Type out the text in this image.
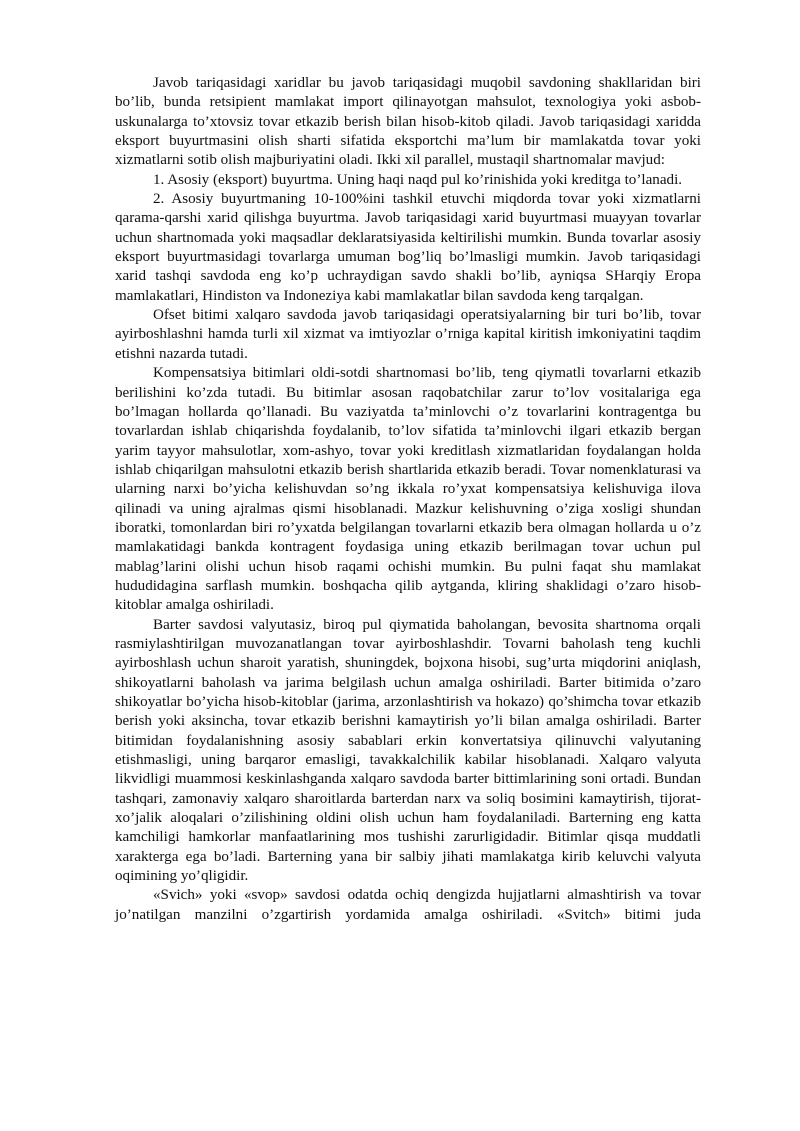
Javob tariqasidagi xaridlar bu javob tariqasidagi muqobil savdoning shakllaridan biri bo’lib, bunda retsipient mamlakat import qilinayotgan mahsulot, texnologiya yoki asbob-uskunalarga to’xtovsiz tovar etkazib berish bilan hisob-kitob qiladi. Javob tariqasidagi xaridda eksport buyurtmasini olish sharti sifatida eksportchi ma’lum bir mamlakatda tovar yoki xizmatlarni sotib olish majburiyatini oladi. Ikki xil parallel, mustaqil shartnomalar mavjud:

1. Asosiy (eksport) buyurtma. Uning haqi naqd pul ko’rinishida yoki kreditga to’lanadi.

2. Asosiy buyurtmaning 10-100%ini tashkil etuvchi miqdorda tovar yoki xizmatlarni qarama-qarshi xarid qilishga buyurtma. Javob tariqasidagi xarid buyurtmasi muayyan tovarlar uchun shartnomada yoki maqsadlar deklaratsiyasida keltirilishi mumkin. Bunda tovarlar asosiy eksport buyurtmasidagi tovarlarga umuman bog’liq bo’lmasligi mumkin. Javob tariqasidagi xarid tashqi savdoda eng ko’p uchraydigan savdo shakli bo’lib, ayniqsa SHarqiy Eropa mamlakatlari, Hindiston va Indoneziya kabi mamlakatlar bilan savdoda keng tarqalgan.

Ofset bitimi xalqaro savdoda javob tariqasidagi operatsiyalarning bir turi bo’lib, tovar ayirboshlashni hamda turli xil xizmat va imtiyozlar o’rniga kapital kiritish imkoniyatini taqdim etishni nazarda tutadi.

Kompensatsiya bitimlari oldi-sotdi shartnomasi bo’lib, teng qiymatli tovarlarni etkazib berilishini ko’zda tutadi. Bu bitimlar asosan raqobatchilar zarur to’lov vositalariga ega bo’lmagan hollarda qo’llanadi. Bu vaziyatda ta’minlovchi o’z tovarlarini kontragentga bu tovarlardan ishlab chiqarishda foydalanib, to’lov sifatida ta’minlovchi ilgari etkazib bergan yarim tayyor mahsulotlar, xom-ashyo, tovar yoki kreditlash xizmatlaridan foydalangan holda ishlab chiqarilgan mahsulotni etkazib berish shartlarida etkazib beradi. Tovar nomenklaturasi va ularning narxi bo’yicha kelishuvdan so’ng ikkala ro’yxat kompensatsiya kelishuviga ilova qilinadi va uning ajralmas qismi hisoblanadi. Mazkur kelishuvning o’ziga xosligi shundan iboratki, tomonlardan biri ro’yxatda belgilangan tovarlarni etkazib bera olmagan hollarda u o’z mamlakatidagi bankda kontragent foydasiga uning etkazib berilmagan tovar uchun pul mablag’larini olishi uchun hisob raqami ochishi mumkin. Bu pulni faqat shu mamlakat hududidagina sarflash mumkin. boshqacha qilib aytganda, kliring shaklidagi o’zaro hisob-kitoblar amalga oshiriladi.

Barter savdosi valyutasiz, biroq pul qiymatida baholangan, bevosita shartnoma orqali rasmiylashtirilgan muvozanatlangan tovar ayirboshlashdir. Tovarni baholash teng kuchli ayirboshlash uchun sharoit yaratish, shuningdek, bojxona hisobi, sug’urta miqdorini aniqlash, shikoyatlarni baholash va jarima belgilash uchun amalga oshiriladi. Barter bitimida o’zaro shikoyatlar bo’yicha hisob-kitoblar (jarima, arzonlashtirish va hokazo) qo’shimcha tovar etkazib berish yoki aksincha, tovar etkazib berishni kamaytirish yo’li bilan amalga oshiriladi. Barter bitimidan foydalanishning asosiy sabablari erkin konvertatsiya qilinuvchi valyutaning etishmasligi, uning barqaror emasligi, tavakkalchilik kabilar hisoblanadi. Xalqaro valyuta likvidligi muammosi keskinlashganda xalqaro savdoda barter bittimlarining soni ortadi. Bundan tashqari, zamonaviy xalqaro sharoitlarda barterdan narx va soliq bosimini kamaytirish, tijorat-xo’jalik aloqalari o’zilishining oldini olish uchun ham foydalaniladi. Barterning eng katta kamchiligi hamkorlar manfaatlarining mos tushishi zarurligidadir. Bitimlar qisqa muddatli xarakterga ega bo’ladi. Barterning yana bir salbiy jihati mamlakatga kirib keluvchi valyuta oqimining yo’qligidir.

«Svich» yoki «svop» savdosi odatda ochiq dengizda hujjatlarni almashtirish va tovar jo’natilgan manzilni o’zgartirish yordamida amalga oshiriladi. «Svitch» bitimi juda
